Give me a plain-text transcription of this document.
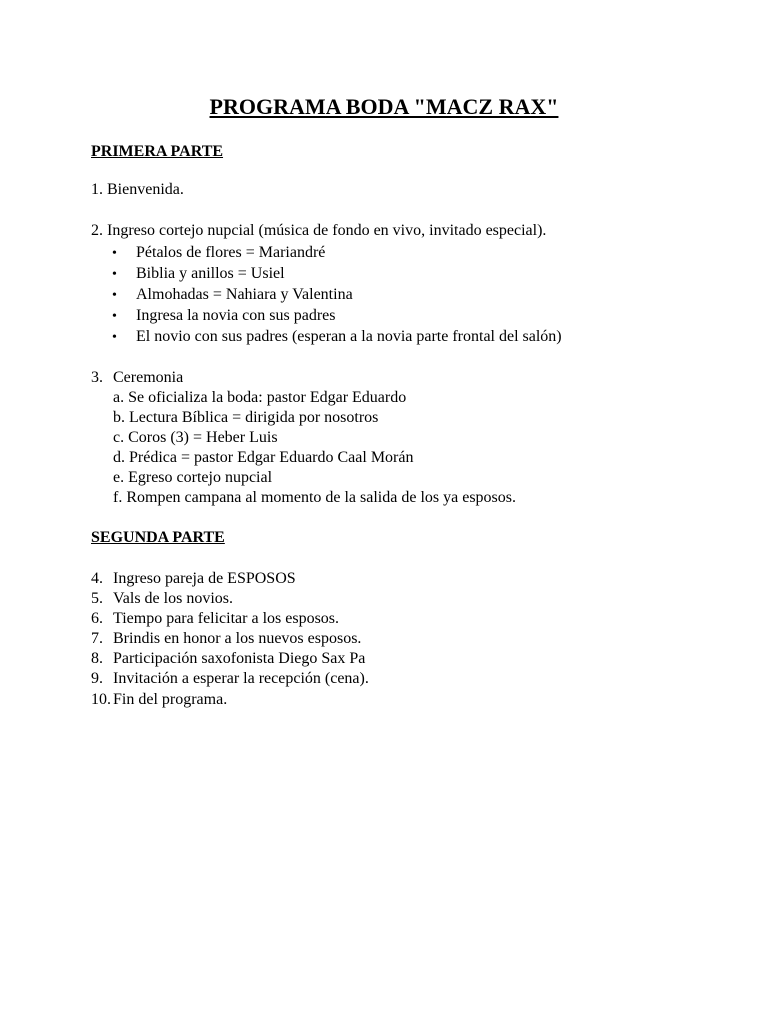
PROGRAMA BODA "MACZ RAX"
PRIMERA PARTE
1. Bienvenida.
2. Ingreso cortejo nupcial (música de fondo en vivo, invitado especial).
• Pétalos de flores = Mariandré
• Biblia y anillos = Usiel
• Almohadas = Nahiara y Valentina
• Ingresa la novia con sus padres
• El novio con sus padres (esperan a la novia parte frontal del salón)
3. Ceremonia
a. Se oficializa la boda: pastor Edgar Eduardo
b. Lectura Bíblica = dirigida por nosotros
c. Coros (3) = Heber Luis
d. Prédica = pastor Edgar Eduardo Caal Morán
e. Egreso cortejo nupcial
f. Rompen campana al momento de la salida de los ya esposos.
SEGUNDA PARTE
4. Ingreso pareja de ESPOSOS
5. Vals de los novios.
6. Tiempo para felicitar a los esposos.
7. Brindis en honor a los nuevos esposos.
8. Participación saxofonista Diego Sax Pa
9. Invitación a esperar la recepción (cena).
10. Fin del programa.
